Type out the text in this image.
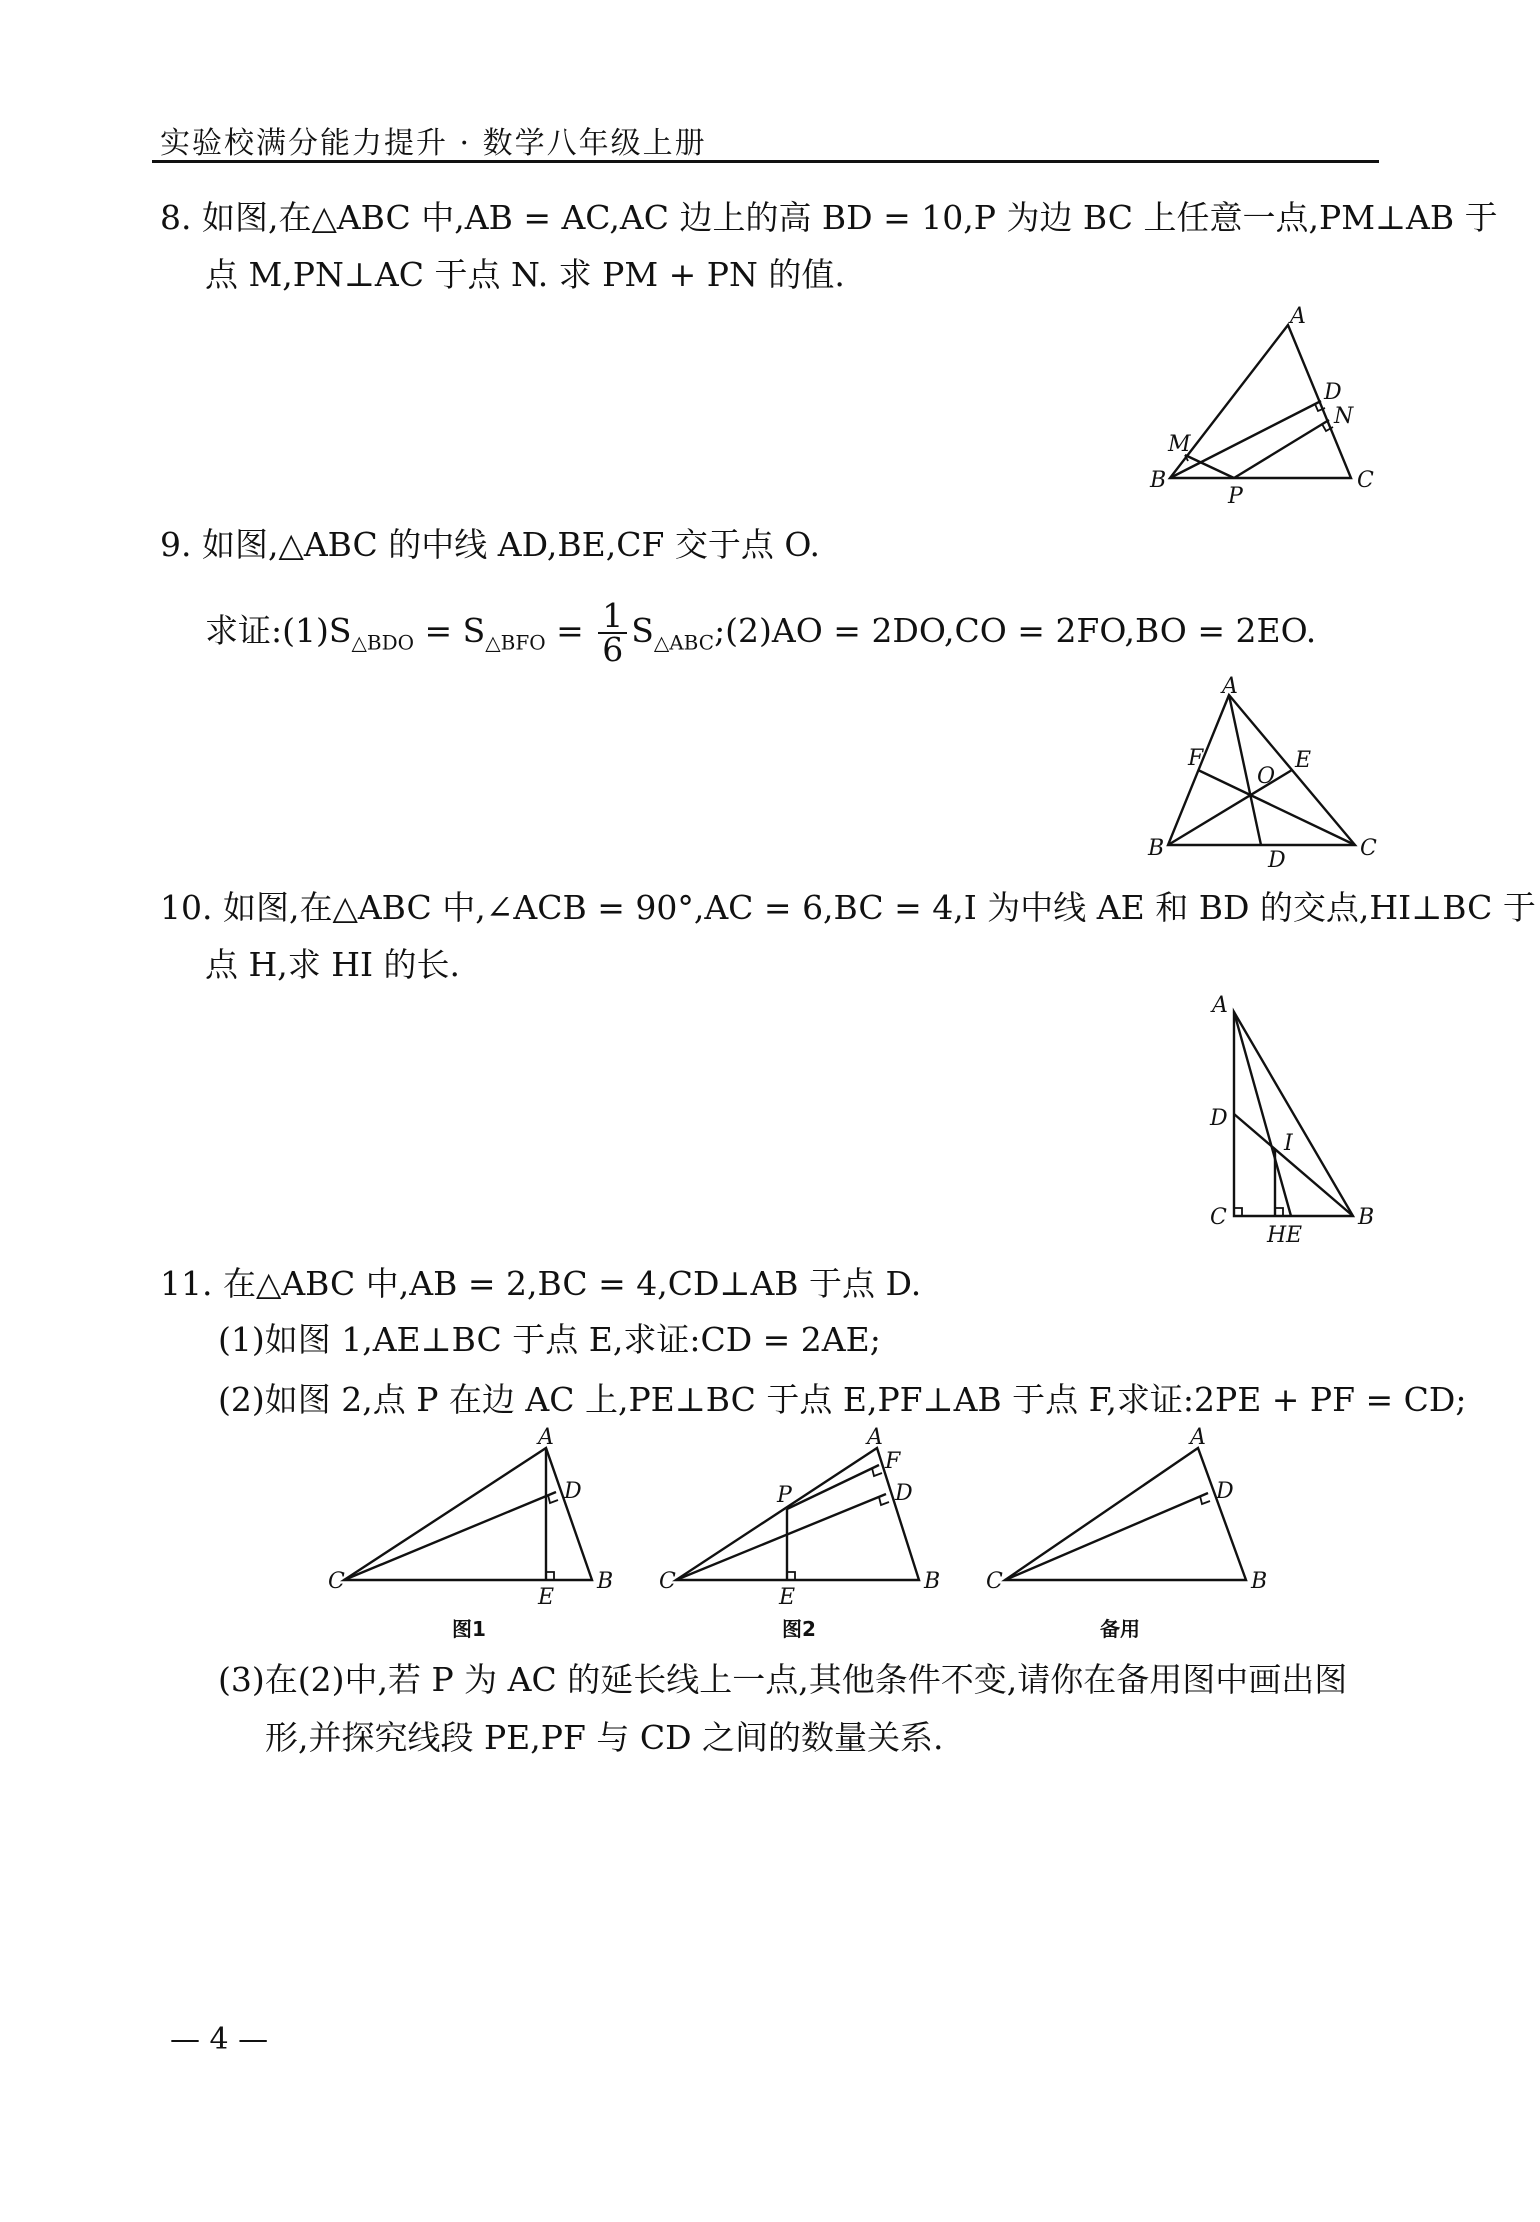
实验校满分能力提升 · 数学八年级上册
8. 如图,在△ABC 中,AB = AC,AC 边上的高 BD = 10,P 为边 BC 上任意一点,PM⊥AB 于
点 M,PN⊥AC 于点 N. 求 PM + PN 的值.
A
B	C
D
M
N
P
9. 如图,△ABC 的中线 AD,BE,CF 交于点 O.
求证$:(1)S_{\triangle BDO} = S_{\triangle BFO} = \frac{1}{6}$ $S_{\triangle ABC};(2)AO = 2DO,CO = 2FO,BO = 2EO$.
A
B	C
D
E
F
O
10. 如图,在△ABC 中,∠ACB = 90°,AC = 6,BC = 4,I 为中线 AE 和 BD 的交点,HI⊥BC 于
点 H,求 HI 的长.
A
D
I
C	B
H E
11. 在△ABC 中,AB = 2,BC = 4,CD⊥AB 于点 D.
(1)如图 1,AE⊥BC 于点 E,求证:CD = 2AE;
(2)如图 2,点 P 在边 AC 上,PE⊥BC 于点 E,PF⊥AB 于点 F,求证:2PE + PF = CD;
A
D
C	B
E
图1
A
F
D
P
C	B
E
图2
A
D
C	B
备用
(3)在(2)中,若 P 为 AC 的延长线上一点,其他条件不变,请你在备用图中画出图
形,并探究线段 PE,PF 与 CD 之间的数量关系.
— 4 —
